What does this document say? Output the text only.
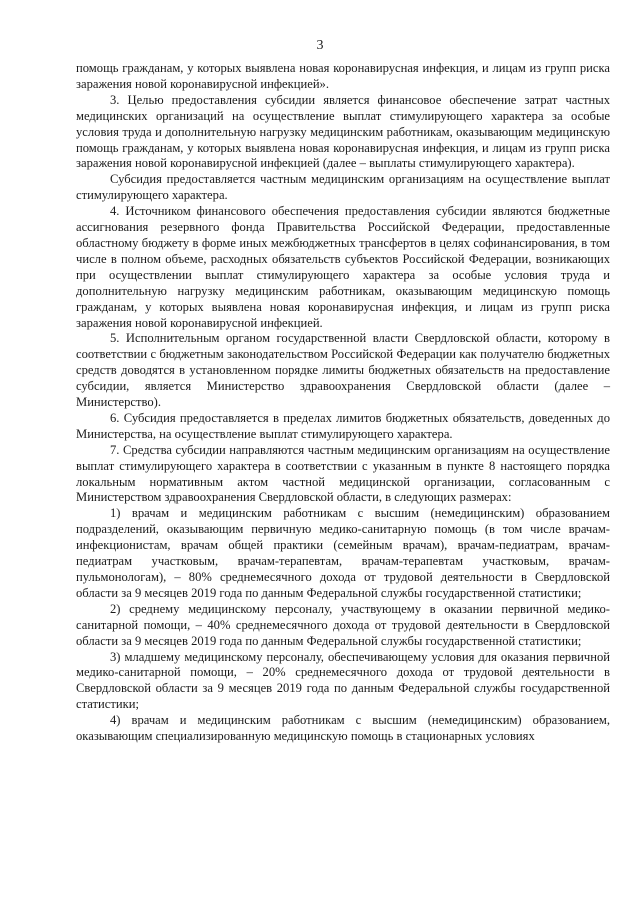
3

помощь гражданам, у которых выявлена новая коронавирусная инфекция, и лицам из групп риска заражения новой коронавирусной инфекцией».

3. Целью предоставления субсидии является финансовое обеспечение затрат частных медицинских организаций на осуществление выплат стимулирующего характера за особые условия труда и дополнительную нагрузку медицинским работникам, оказывающим медицинскую помощь гражданам, у которых выявлена новая коронавирусная инфекция, и лицам из групп риска заражения новой коронавирусной инфекцией (далее – выплаты стимулирующего характера).

Субсидия предоставляется частным медицинским организациям на осуществление выплат стимулирующего характера.

4. Источником финансового обеспечения предоставления субсидии являются бюджетные ассигнования резервного фонда Правительства Российской Федерации, предоставленные областному бюджету в форме иных межбюджетных трансфертов в целях софинансирования, в том числе в полном объеме, расходных обязательств субъектов Российской Федерации, возникающих при осуществлении выплат стимулирующего характера за особые условия труда и дополнительную нагрузку медицинским работникам, оказывающим медицинскую помощь гражданам, у которых выявлена новая коронавирусная инфекция, и лицам из групп риска заражения новой коронавирусной инфекцией.

5. Исполнительным органом государственной власти Свердловской области, которому в соответствии с бюджетным законодательством Российской Федерации как получателю бюджетных средств доводятся в установленном порядке лимиты бюджетных обязательств на предоставление субсидии, является Министерство здравоохранения Свердловской области (далее – Министерство).

6. Субсидия предоставляется в пределах лимитов бюджетных обязательств, доведенных до Министерства, на осуществление выплат стимулирующего характера.

7. Средства субсидии направляются частным медицинским организациям на осуществление выплат стимулирующего характера в соответствии с указанным в пункте 8 настоящего порядка локальным нормативным актом частной медицинской организации, согласованным с Министерством здравоохранения Свердловской области, в следующих размерах:

1) врачам и медицинским работникам с высшим (немедицинским) образованием подразделений, оказывающим первичную медико-санитарную помощь (в том числе врачам-инфекционистам, врачам общей практики (семейным врачам), врачам-педиатрам, врачам-педиатрам участковым, врачам-терапевтам, врачам-терапевтам участковым, врачам-пульмонологам), – 80% среднемесячного дохода от трудовой деятельности в Свердловской области за 9 месяцев 2019 года по данным Федеральной службы государственной статистики;

2) среднему медицинскому персоналу, участвующему в оказании первичной медико-санитарной помощи, – 40% среднемесячного дохода от трудовой деятельности в Свердловской области за 9 месяцев 2019 года по данным Федеральной службы государственной статистики;

3) младшему медицинскому персоналу, обеспечивающему условия для оказания первичной медико-санитарной помощи, – 20% среднемесячного дохода от трудовой деятельности в Свердловской области за 9 месяцев 2019 года по данным Федеральной службы государственной статистики;

4) врачам и медицинским работникам с высшим (немедицинским) образованием, оказывающим специализированную медицинскую помощь в стационарных условиях
